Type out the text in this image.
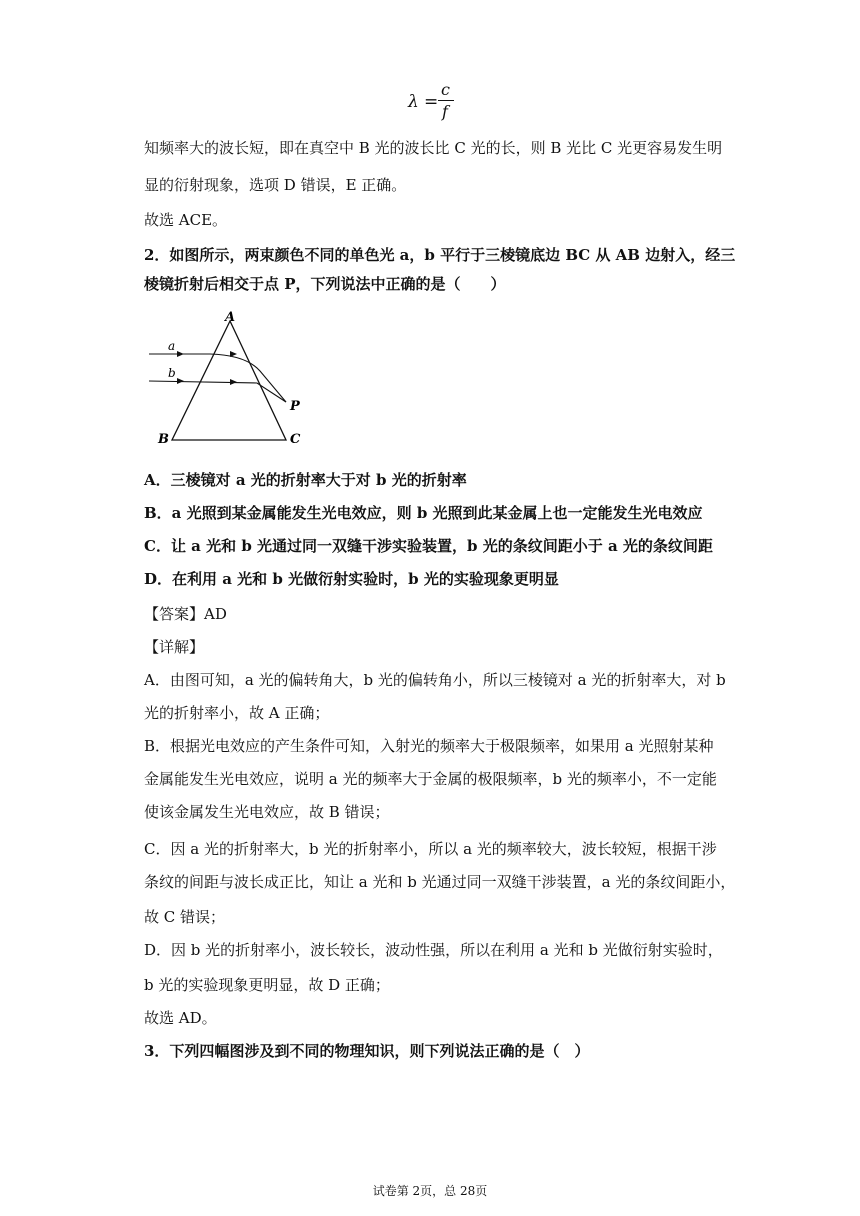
λ =
c
f
知频率大的波长短，即在真空中 B 光的波长比 C 光的长，则 B 光比 C 光更容易发生明
显的衍射现象，选项 D 错误，E 正确。
故选 ACE。
2．如图所示，两束颜色不同的单色光 a，b 平行于三棱镜底边 BC 从 AB 边射入，经三
棱镜折射后相交于点 P，下列说法中正确的是（　　）
A
B	C
P
a
b
A．三棱镜对 a 光的折射率大于对 b 光的折射率
B．a 光照到某金属能发生光电效应，则 b 光照到此某金属上也一定能发生光电效应
C．让 a 光和 b 光通过同一双缝干涉实验装置，b 光的条纹间距小于 a 光的条纹间距
D．在利用 a 光和 b 光做衍射实验时，b 光的实验现象更明显
【答案】AD
【详解】
A．由图可知，a 光的偏转角大，b 光的偏转角小，所以三棱镜对 a 光的折射率大，对 b
光的折射率小，故 A 正确；
B．根据光电效应的产生条件可知，入射光的频率大于极限频率，如果用 a 光照射某种
金属能发生光电效应，说明 a 光的频率大于金属的极限频率，b 光的频率小，不一定能
使该金属发生光电效应，故 B 错误；
C．因 a 光的折射率大，b 光的折射率小，所以 a 光的频率较大，波长较短，根据干涉
条纹的间距与波长成正比，知让 a 光和 b 光通过同一双缝干涉装置，a 光的条纹间距小，
故 C 错误；
D．因 b 光的折射率小，波长较长，波动性强，所以在利用 a 光和 b 光做衍射实验时，
b 光的实验现象更明显，故 D 正确；
故选 AD。
3．下列四幅图涉及到不同的物理知识，则下列说法正确的是（　）
试卷第 2页，总 28页
